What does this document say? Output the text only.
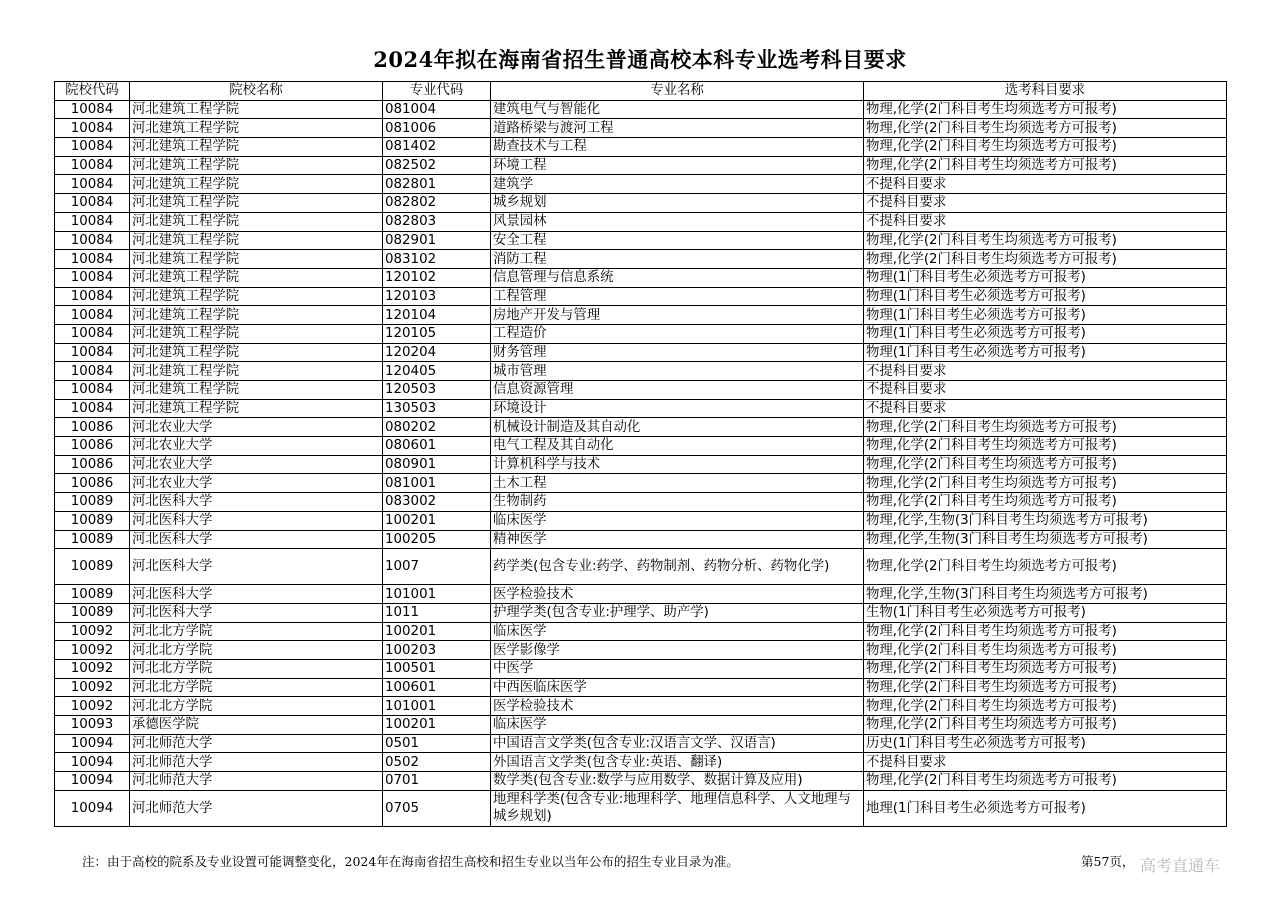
2024年拟在海南省招生普通高校本科专业选考科目要求
院校代码	院校名称	专业代码	专业名称	选考科目要求
10084	河北建筑工程学院	081004	建筑电气与智能化	物理,化学(2门科目考生均须选考方可报考)
10084	河北建筑工程学院	081006	道路桥梁与渡河工程	物理,化学(2门科目考生均须选考方可报考)
10084	河北建筑工程学院	081402	勘查技术与工程	物理,化学(2门科目考生均须选考方可报考)
10084	河北建筑工程学院	082502	环境工程	物理,化学(2门科目考生均须选考方可报考)
10084	河北建筑工程学院	082801	建筑学	不提科目要求
10084	河北建筑工程学院	082802	城乡规划	不提科目要求
10084	河北建筑工程学院	082803	风景园林	不提科目要求
10084	河北建筑工程学院	082901	安全工程	物理,化学(2门科目考生均须选考方可报考)
10084	河北建筑工程学院	083102	消防工程	物理,化学(2门科目考生均须选考方可报考)
10084	河北建筑工程学院	120102	信息管理与信息系统	物理(1门科目考生必须选考方可报考)
10084	河北建筑工程学院	120103	工程管理	物理(1门科目考生必须选考方可报考)
10084	河北建筑工程学院	120104	房地产开发与管理	物理(1门科目考生必须选考方可报考)
10084	河北建筑工程学院	120105	工程造价	物理(1门科目考生必须选考方可报考)
10084	河北建筑工程学院	120204	财务管理	物理(1门科目考生必须选考方可报考)
10084	河北建筑工程学院	120405	城市管理	不提科目要求
10084	河北建筑工程学院	120503	信息资源管理	不提科目要求
10084	河北建筑工程学院	130503	环境设计	不提科目要求
10086	河北农业大学	080202	机械设计制造及其自动化	物理,化学(2门科目考生均须选考方可报考)
10086	河北农业大学	080601	电气工程及其自动化	物理,化学(2门科目考生均须选考方可报考)
10086	河北农业大学	080901	计算机科学与技术	物理,化学(2门科目考生均须选考方可报考)
10086	河北农业大学	081001	土木工程	物理,化学(2门科目考生均须选考方可报考)
10089	河北医科大学	083002	生物制药	物理,化学(2门科目考生均须选考方可报考)
10089	河北医科大学	100201	临床医学	物理,化学,生物(3门科目考生均须选考方可报考)
10089	河北医科大学	100205	精神医学	物理,化学,生物(3门科目考生均须选考方可报考)
10089	河北医科大学	1007	药学类(包含专业:药学、药物制剂、药物分析、药物化学)	物理,化学(2门科目考生均须选考方可报考)
10089	河北医科大学	101001	医学检验技术	物理,化学,生物(3门科目考生均须选考方可报考)
10089	河北医科大学	1011	护理学类(包含专业:护理学、助产学)	生物(1门科目考生必须选考方可报考)
10092	河北北方学院	100201	临床医学	物理,化学(2门科目考生均须选考方可报考)
10092	河北北方学院	100203	医学影像学	物理,化学(2门科目考生均须选考方可报考)
10092	河北北方学院	100501	中医学	物理,化学(2门科目考生均须选考方可报考)
10092	河北北方学院	100601	中西医临床医学	物理,化学(2门科目考生均须选考方可报考)
10092	河北北方学院	101001	医学检验技术	物理,化学(2门科目考生均须选考方可报考)
10093	承德医学院	100201	临床医学	物理,化学(2门科目考生均须选考方可报考)
10094	河北师范大学	0501	中国语言文学类(包含专业:汉语言文学、汉语言)	历史(1门科目考生必须选考方可报考)
10094	河北师范大学	0502	外国语言文学类(包含专业:英语、翻译)	不提科目要求
10094	河北师范大学	0701	数学类(包含专业:数学与应用数学、数据计算及应用)	物理,化学(2门科目考生均须选考方可报考)
10094	河北师范大学	0705	地理科学类(包含专业:地理科学、地理信息科学、人文地理与城乡规划)	地理(1门科目考生必须选考方可报考)
注：由于高校的院系及专业设置可能调整变化，2024年在海南省招生高校和招生专业以当年公布的招生专业目录为准。	第57页， 高考直通车
